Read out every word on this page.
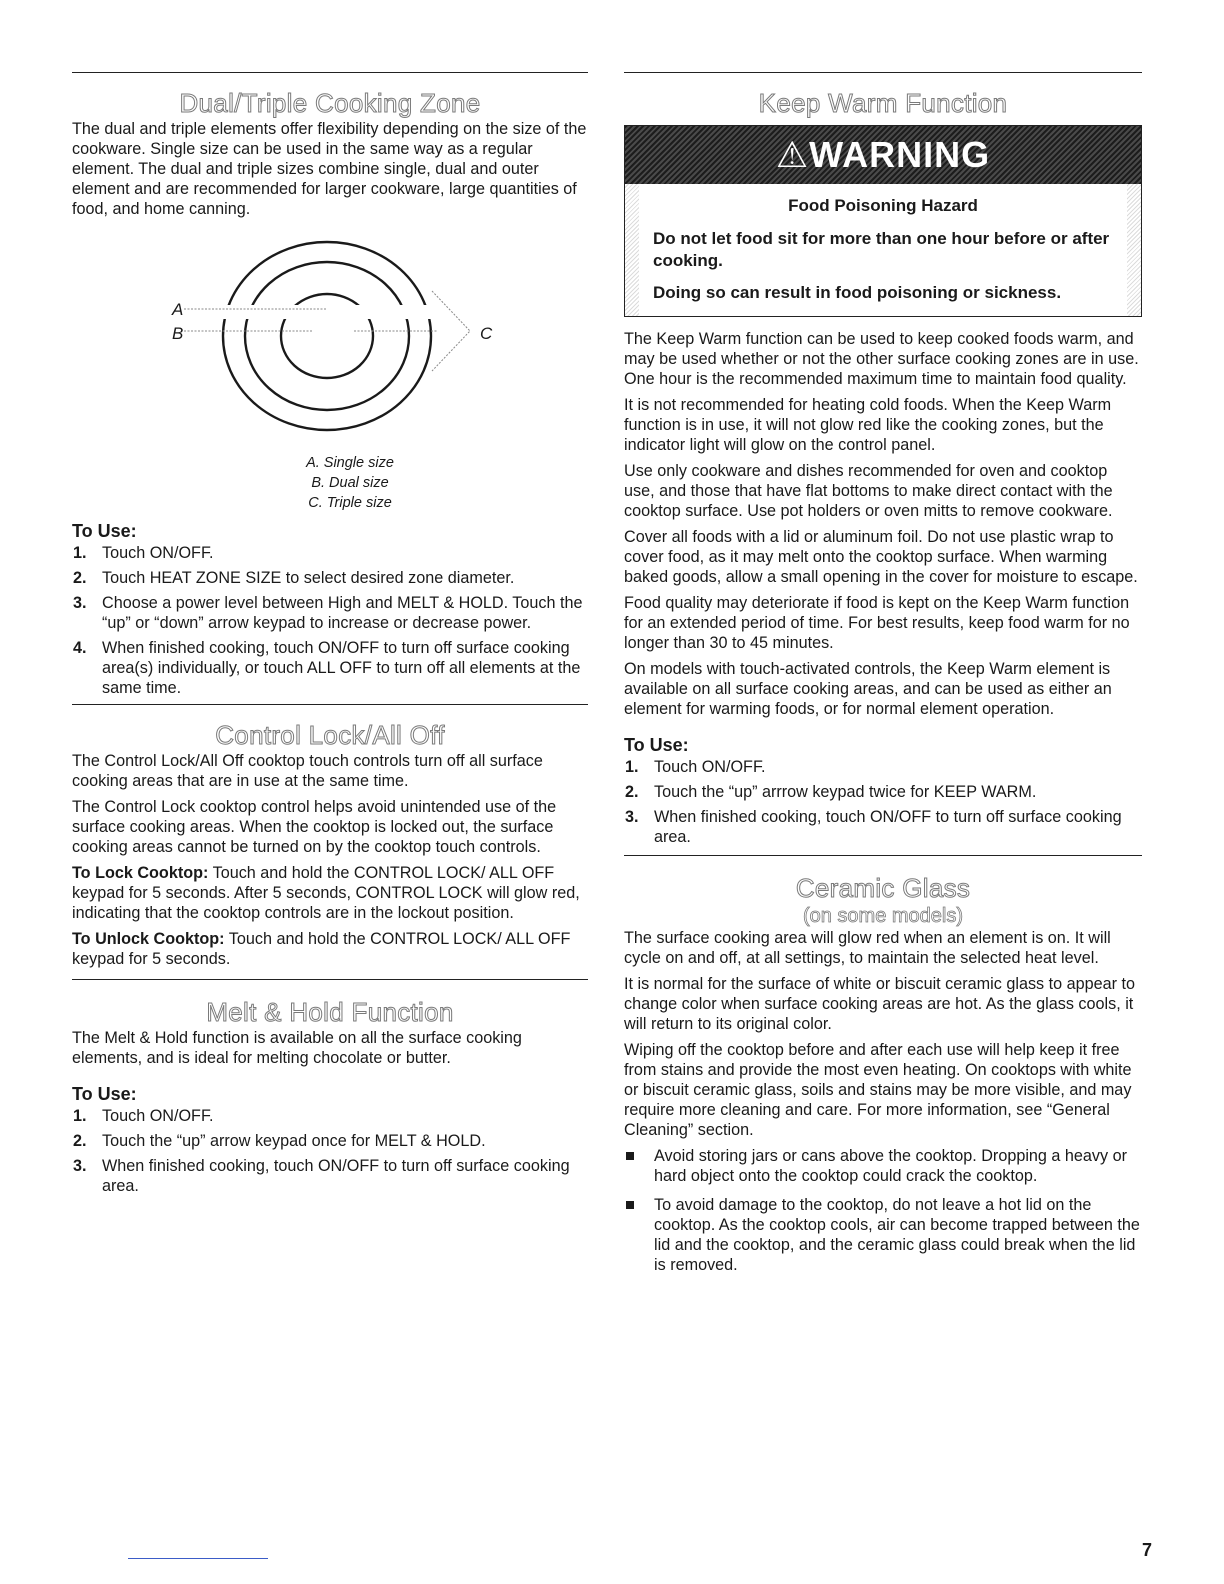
Dual/Triple Cooking Zone

The dual and triple elements offer flexibility depending on the size of the cookware. Single size can be used in the same way as a regular element. The dual and triple sizes combine single, dual and outer element and are recommended for larger cookware, large quantities of food, and home canning.

A
B	C
A. Single size
B. Dual size
C. Triple size
To Use:
1. Touch ON/OFF.
2. Touch HEAT ZONE SIZE to select desired zone diameter.
3. Choose a power level between High and MELT & HOLD. Touch the “up” or “down” arrow keypad to increase or decrease power.
4. When finished cooking, touch ON/OFF to turn off surface cooking area(s) individually, or touch ALL OFF to turn off all elements at the same time.
Control Lock/All Off

The Control Lock/All Off cooktop touch controls turn off all surface cooking areas that are in use at the same time.

The Control Lock cooktop control helps avoid unintended use of the surface cooking areas. When the cooktop is locked out, the surface cooking areas cannot be turned on by the cooktop touch controls.

To Lock Cooktop: Touch and hold the CONTROL LOCK/ ALL OFF keypad for 5 seconds. After 5 seconds, CONTROL LOCK will glow red, indicating that the cooktop controls are in the lockout position.

To Unlock Cooktop: Touch and hold the CONTROL LOCK/ ALL OFF keypad for 5 seconds.

Melt & Hold Function

The Melt & Hold function is available on all the surface cooking elements, and is ideal for melting chocolate or butter.

To Use:
1. Touch ON/OFF.
2. Touch the “up” arrow keypad once for MELT & HOLD.
3. When finished cooking, touch ON/OFF to turn off surface cooking area.
Keep Warm Function
⚠WARNING
Food Poisoning Hazard
Do not let food sit for more than one hour before or after cooking.
Doing so can result in food poisoning or sickness.

The Keep Warm function can be used to keep cooked foods warm, and may be used whether or not the other surface cooking zones are in use. One hour is the recommended maximum time to maintain food quality.

It is not recommended for heating cold foods. When the Keep Warm function is in use, it will not glow red like the cooking zones, but the indicator light will glow on the control panel.

Use only cookware and dishes recommended for oven and cooktop use, and those that have flat bottoms to make direct contact with the cooktop surface. Use pot holders or oven mitts to remove cookware.

Cover all foods with a lid or aluminum foil. Do not use plastic wrap to cover food, as it may melt onto the cooktop surface. When warming baked goods, allow a small opening in the cover for moisture to escape.

Food quality may deteriorate if food is kept on the Keep Warm function for an extended period of time. For best results, keep food warm for no longer than 30 to 45 minutes.

On models with touch-activated controls, the Keep Warm element is available on all surface cooking areas, and can be used as either an element for warming foods, or for normal element operation.

To Use:
1. Touch ON/OFF.
2. Touch the “up” arrrow keypad twice for KEEP WARM.
3. When finished cooking, touch ON/OFF to turn off surface cooking area.
Ceramic Glass
(on some models)

The surface cooking area will glow red when an element is on. It will cycle on and off, at all settings, to maintain the selected heat level.

It is normal for the surface of white or biscuit ceramic glass to appear to change color when surface cooking areas are hot. As the glass cools, it will return to its original color.

Wiping off the cooktop before and after each use will help keep it free from stains and provide the most even heating. On cooktops with white or biscuit ceramic glass, soils and stains may be more visible, and may require more cleaning and care. For more information, see “General Cleaning” section.

Avoid storing jars or cans above the cooktop. Dropping a heavy or hard object onto the cooktop could crack the cooktop.
To avoid damage to the cooktop, do not leave a hot lid on the cooktop. As the cooktop cools, air can become trapped between the lid and the cooktop, and the ceramic glass could break when the lid is removed.
7
